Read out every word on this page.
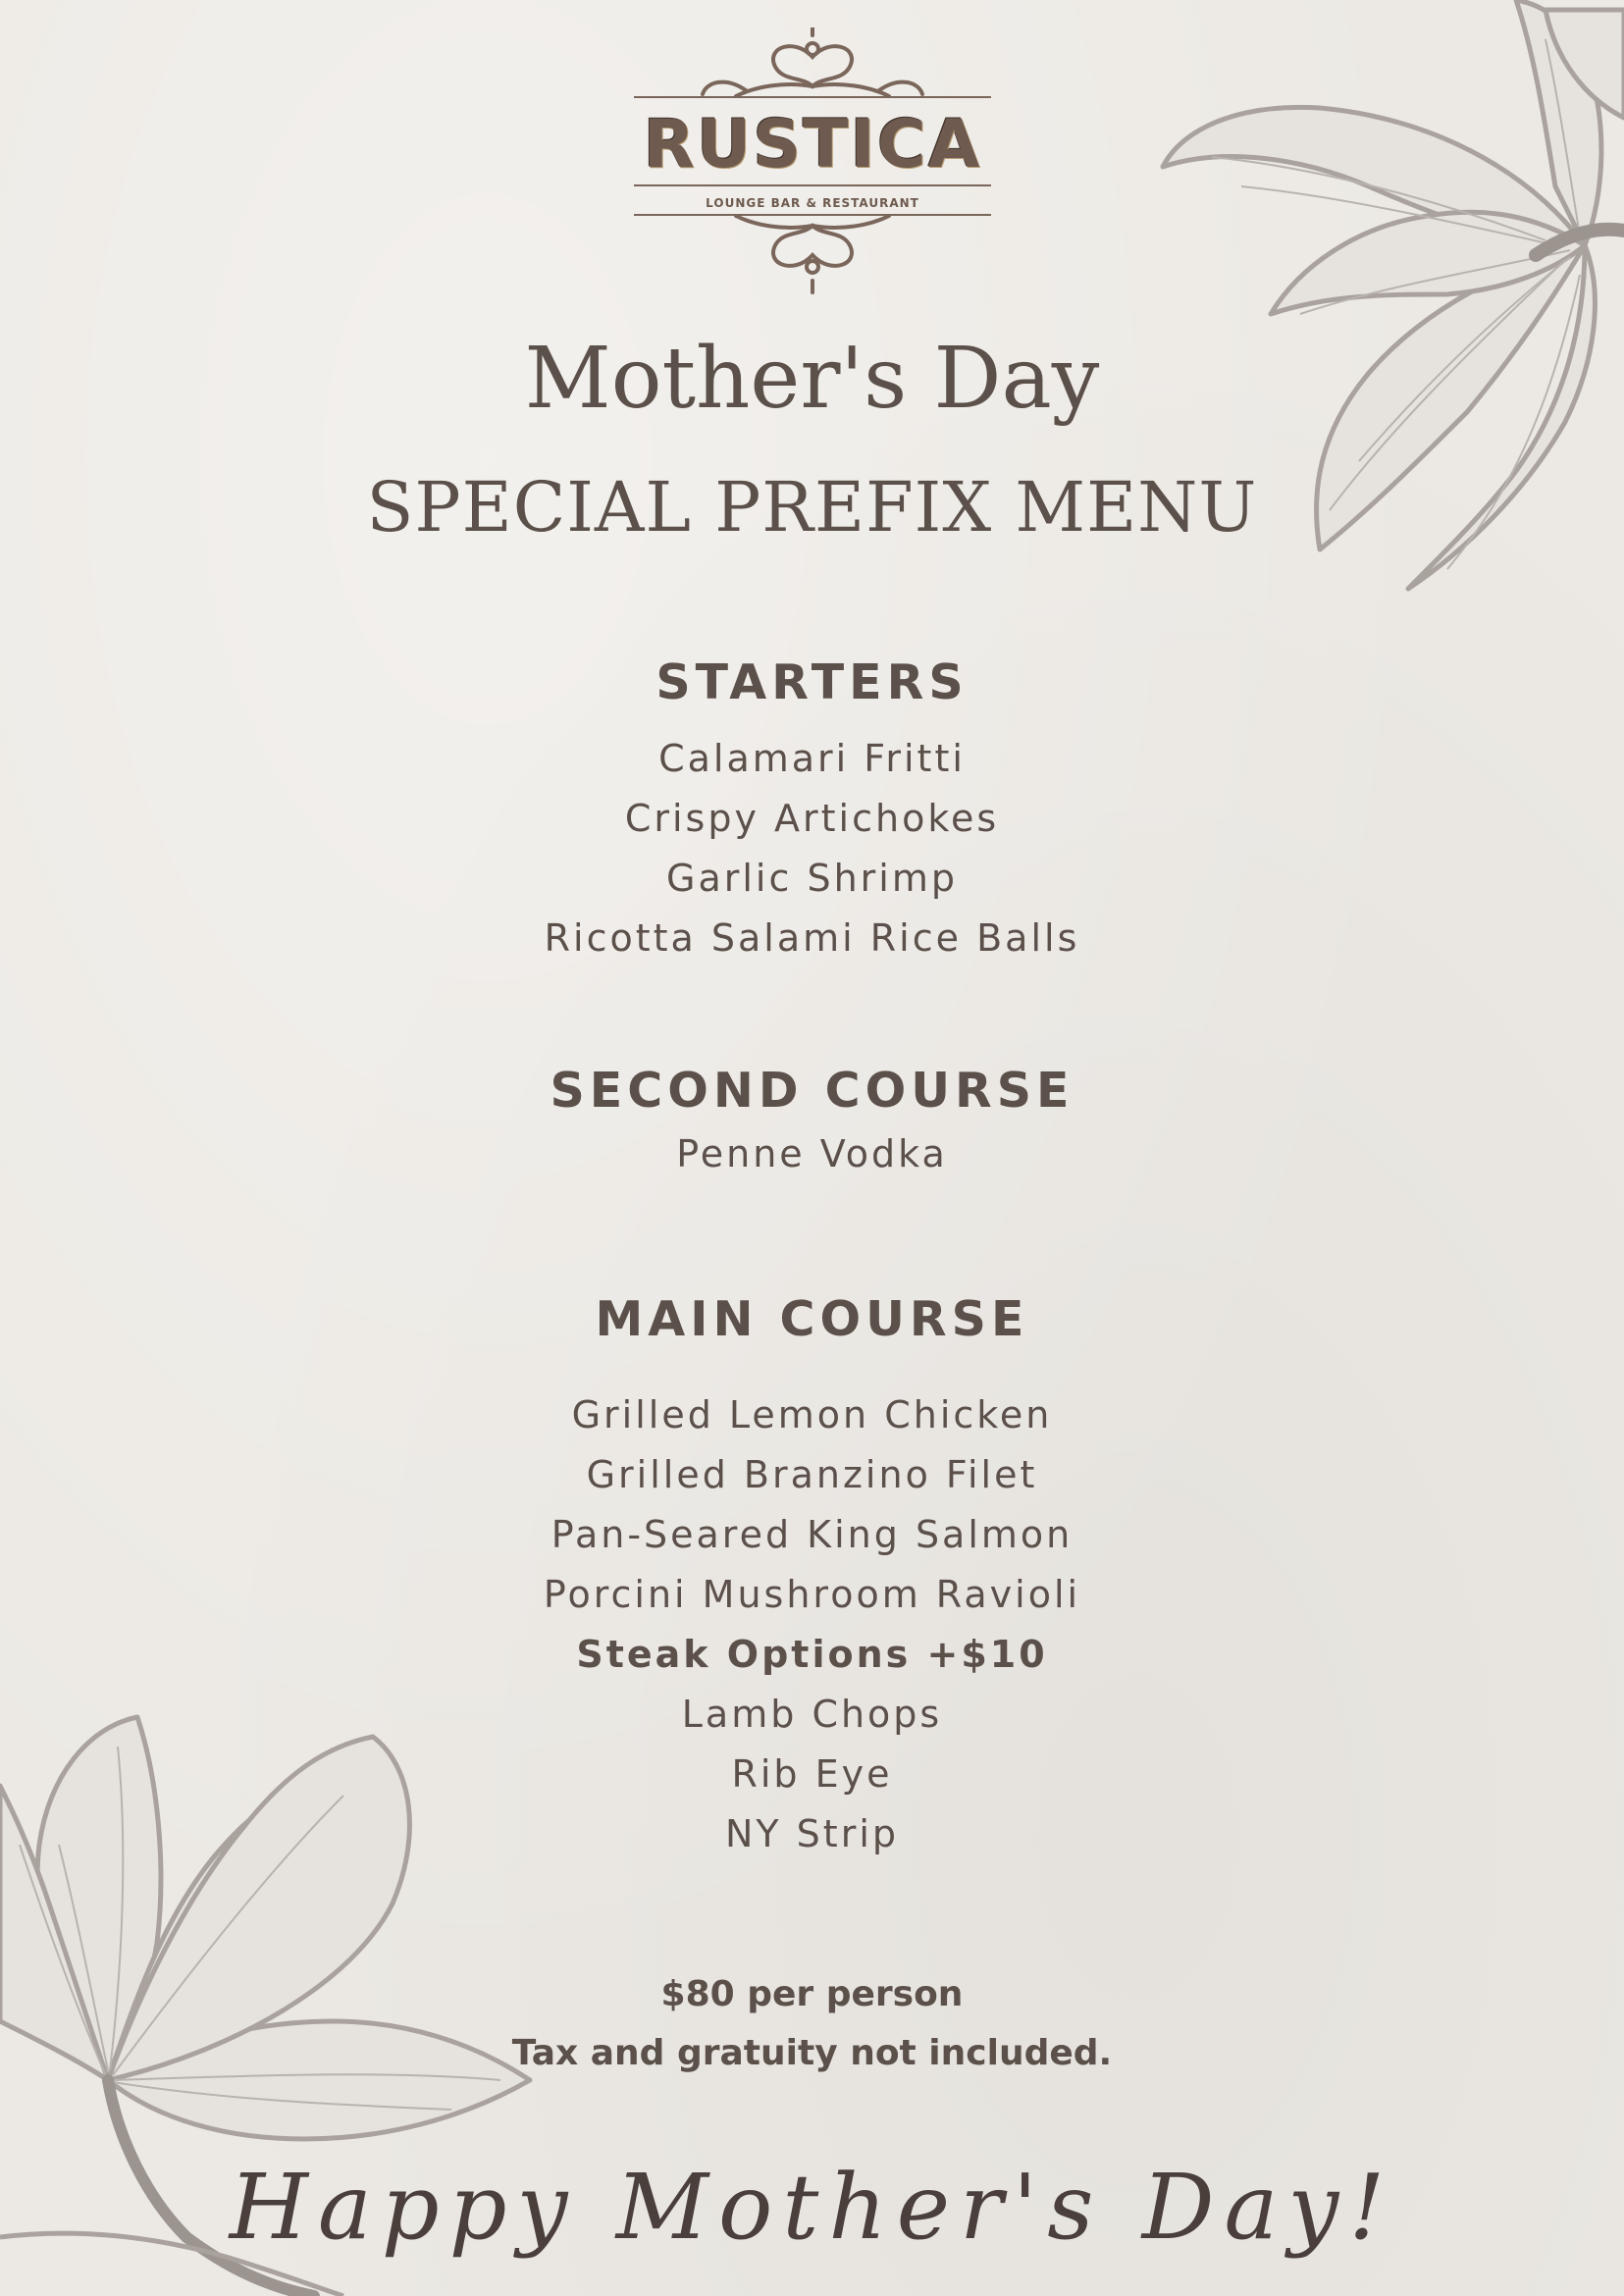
RUSTICA
LOUNGE BAR & RESTAURANT
Mother's Day
SPECIAL PREFIX MENU
STARTERS
Calamari Fritti
Crispy Artichokes
Garlic Shrimp
Ricotta Salami Rice Balls
SECOND COURSE
Penne Vodka
MAIN COURSE
Grilled Lemon Chicken
Grilled Branzino Filet
Pan-Seared King Salmon
Porcini Mushroom Ravioli
Steak Options +$10
Lamb Chops
Rib Eye
NY Strip
$80 per person
Tax and gratuity not included.
Happy Mother's Day!
